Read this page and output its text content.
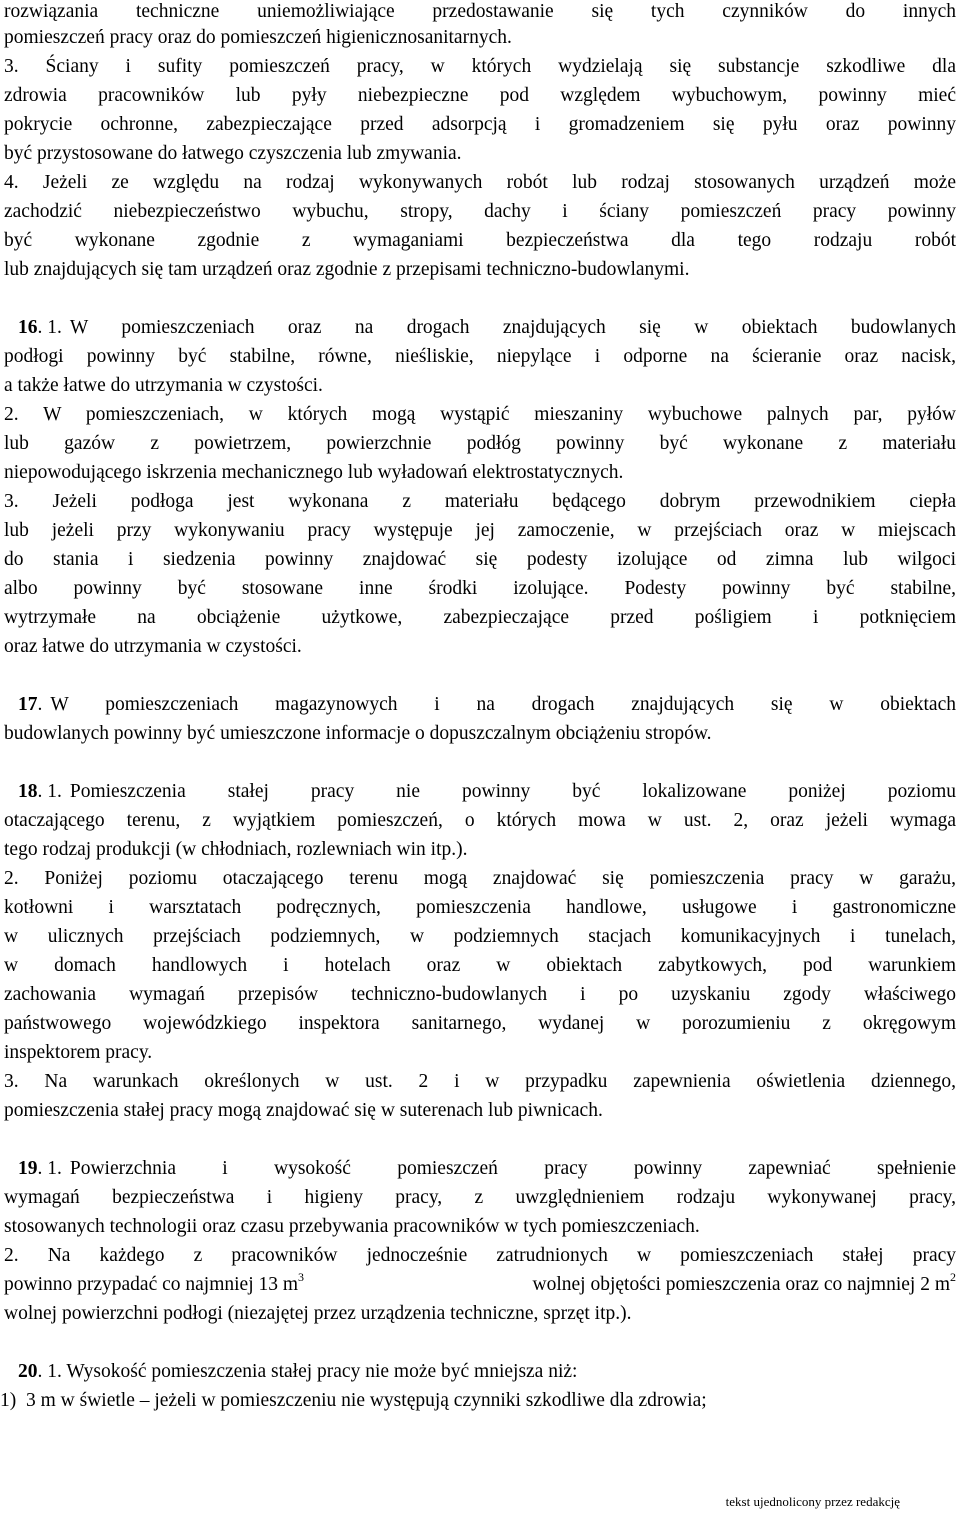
rozwiązania techniczne uniemożliwiające przedostawanie się tych czynników do innych
pomieszczeń pracy oraz do pomieszczeń higienicznosanitarnych.
3. Ściany i sufity pomieszczeń pracy, w których wydzielają się substancje szkodliwe dla
zdrowia pracowników lub pyły niebezpieczne pod względem wybuchowym, powinny mieć
pokrycie ochronne, zabezpieczające przed adsorpcją i gromadzeniem się pyłu oraz powinny
być przystosowane do łatwego czyszczenia lub zmywania.
4. Jeżeli ze względu na rodzaj wykonywanych robót lub rodzaj stosowanych urządzeń może
zachodzić niebezpieczeństwo wybuchu, stropy, dachy i ściany pomieszczeń pracy powinny
być wykonane zgodnie z wymaganiami bezpieczeństwa dla tego rodzaju robót
lub znajdujących się tam urządzeń oraz zgodnie z przepisami techniczno-budowlanymi.
16. 1. W pomieszczeniach oraz na drogach znajdujących się w obiektach budowlanych
podłogi powinny być stabilne, równe, nieśliskie, niepylące i odporne na ścieranie oraz nacisk,
a także łatwe do utrzymania w czystości.
2. W pomieszczeniach, w których mogą wystąpić mieszaniny wybuchowe palnych par, pyłów
lub gazów z powietrzem, powierzchnie podłóg powinny być wykonane z materiału
niepowodującego iskrzenia mechanicznego lub wyładowań elektrostatycznych.
3. Jeżeli podłoga jest wykonana z materiału będącego dobrym przewodnikiem ciepła
lub jeżeli przy wykonywaniu pracy występuje jej zamoczenie, w przejściach oraz w miejscach
do stania i siedzenia powinny znajdować się podesty izolujące od zimna lub wilgoci
albo powinny być stosowane inne środki izolujące. Podesty powinny być stabilne,
wytrzymałe na obciążenie użytkowe, zabezpieczające przed pośligiem i potknięciem
oraz łatwe do utrzymania w czystości.
17. W pomieszczeniach magazynowych i na drogach znajdujących się w obiektach
budowlanych powinny być umieszczone informacje o dopuszczalnym obciążeniu stropów.
18. 1. Pomieszczenia stałej pracy nie powinny być lokalizowane poniżej poziomu
otaczającego terenu, z wyjątkiem pomieszczeń, o których mowa w ust. 2, oraz jeżeli wymaga
tego rodzaj produkcji (w chłodniach, rozlewniach win itp.).
2. Poniżej poziomu otaczającego terenu mogą znajdować się pomieszczenia pracy w garażu,
kotłowni i warsztatach podręcznych, pomieszczenia handlowe, usługowe i gastronomiczne
w ulicznych przejściach podziemnych, w podziemnych stacjach komunikacyjnych i tunelach,
w domach handlowych i hotelach oraz w obiektach zabytkowych, pod warunkiem
zachowania wymagań przepisów techniczno-budowlanych i po uzyskaniu zgody właściwego
państwowego wojewódzkiego inspektora sanitarnego, wydanej w porozumieniu z okręgowym
inspektorem pracy.
3. Na warunkach określonych w ust. 2 i w przypadku zapewnienia oświetlenia dziennego,
pomieszczenia stałej pracy mogą znajdować się w suterenach lub piwnicach.
19. 1. Powierzchnia i wysokość pomieszczeń pracy powinny zapewniać spełnienie
wymagań bezpieczeństwa i higieny pracy, z uwzględnieniem rodzaju wykonywanej pracy,
stosowanych technologii oraz czasu przebywania pracowników w tych pomieszczeniach.
2. Na każdego z pracowników jednocześnie zatrudnionych w pomieszczeniach stałej pracy
powinno przypadać co najmniej 13 $m^3$	wolnej objętości pomieszczenia oraz co najmniej 2 $m^2$
wolnej powierzchni podłogi (niezajętej przez urządzenia techniczne, sprzęt itp.).
20. 1. Wysokość pomieszczenia stałej pracy nie może być mniejsza niż:
1) 3 m w świetle – jeżeli w pomieszczeniu nie występują czynniki szkodliwe dla zdrowia;
tekst ujednolicony przez redakcję
